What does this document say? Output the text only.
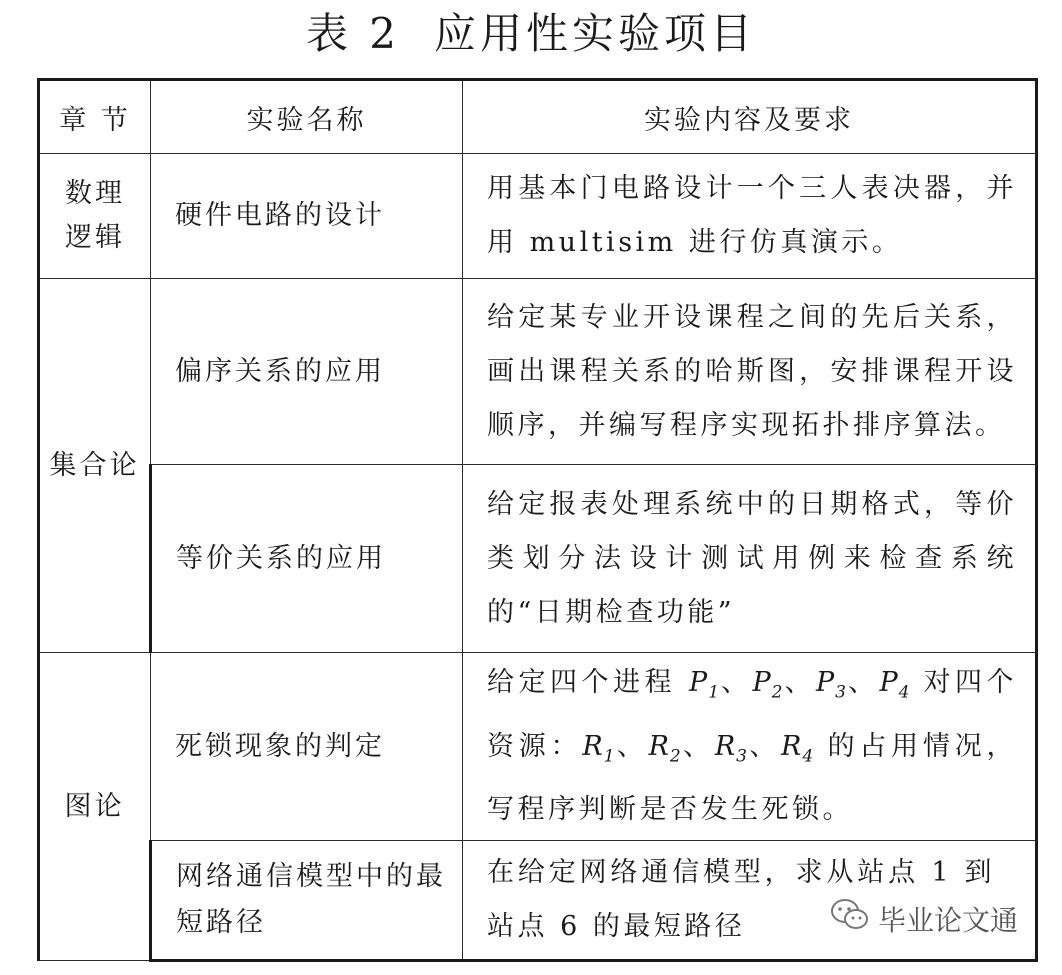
表 2 应用性实验项目
章 节	实验名称	实验内容及要求
数理逻辑	硬件电路的设计	用基本门电路设计一个三人表决器，并用 multisim 进行仿真演示。
集合论	偏序关系的应用	给定某专业开设课程之间的先后关系，画出课程关系的哈斯图，安排课程开设顺序，并编写程序实现拓扑排序算法。
	等价关系的应用	给定报表处理系统中的日期格式，等价类划分法设计测试用例来检查系统的“日期检查功能”
图论	死锁现象的判定	给定四个进程 $P_1$、$P_2$、$P_3$、$P_4$ 对四个资源：$R_1$、$R_2$、$R_3$、$R_4$ 的占用情况，写程序判断是否发生死锁。
	网络通信模型中的最短路径	在给定网络通信模型，求从站点 1 到站点 6 的最短路径	毕业论文通
